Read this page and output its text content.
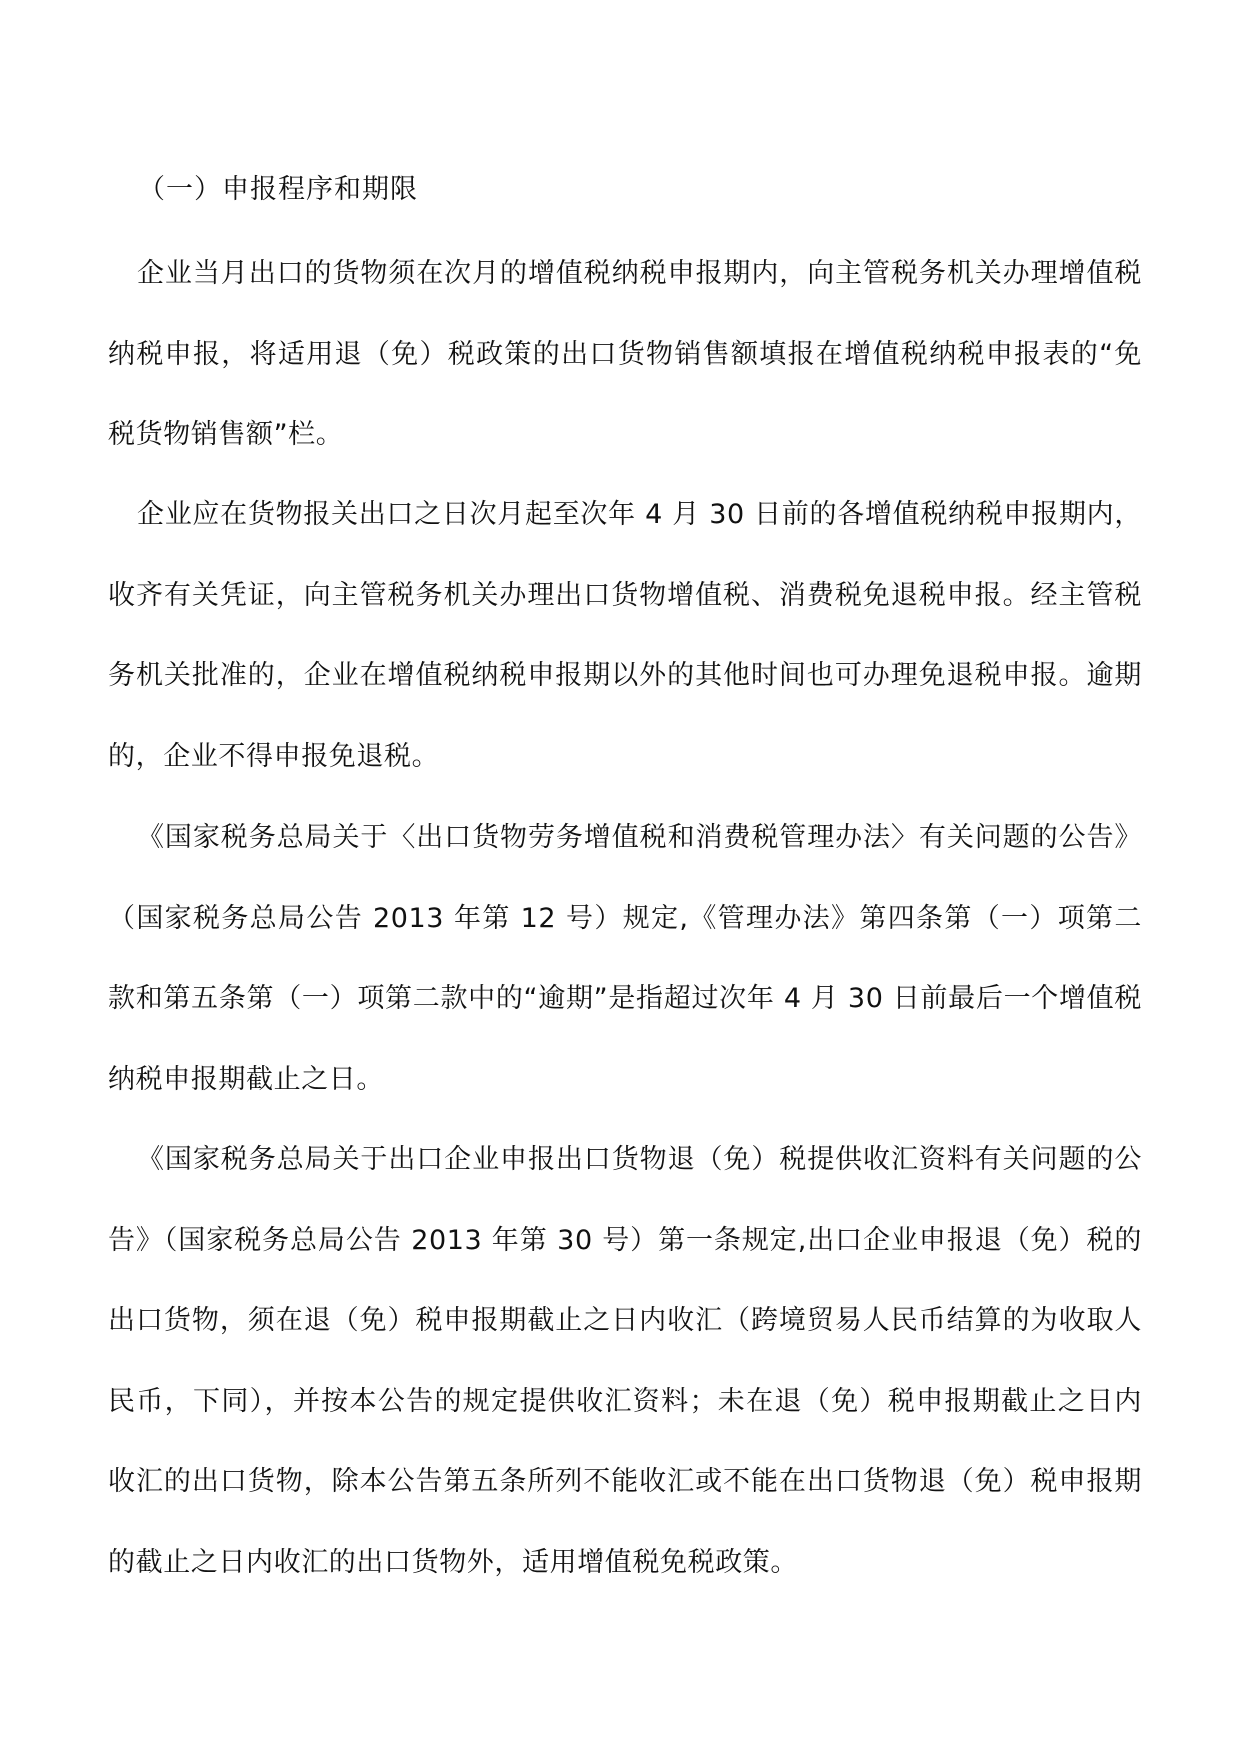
（一）申报程序和期限

企业当月出口的货物须在次月的增值税纳税申报期内，向主管税务机关办理增值税纳税申报，将适用退（免）税政策的出口货物销售额填报在增值税纳税申报表的“免税货物销售额”栏。

企业应在货物报关出口之日次月起至次年 4 月 30 日前的各增值税纳税申报期内，收齐有关凭证，向主管税务机关办理出口货物增值税、消费税免退税申报。经主管税务机关批准的，企业在增值税纳税申报期以外的其他时间也可办理免退税申报。逾期的，企业不得申报免退税。

《国家税务总局关于〈出口货物劳务增值税和消费税管理办法〉有关问题的公告》 （国家税务总局公告 2013 年第 12 号）规定,《管理办法》第四条第（一）项第二款和第五条第（一）项第二款中的“逾期”是指超过次年 4 月 30 日前最后一个增值税纳税申报期截止之日。

《国家税务总局关于出口企业申报出口货物退（免）税提供收汇资料有关问题的公告》（国家税务总局公告 2013 年第 30 号）第一条规定,出口企业申报退（免）税的出口货物，须在退（免）税申报期截止之日内收汇（跨境贸易人民币结算的为收取人民币，下同），并按本公告的规定提供收汇资料；未在退（免）税申报期截止之日内收汇的出口货物，除本公告第五条所列不能收汇或不能在出口货物退（免）税申报期的截止之日内收汇的出口货物外，适用增值税免税政策。
